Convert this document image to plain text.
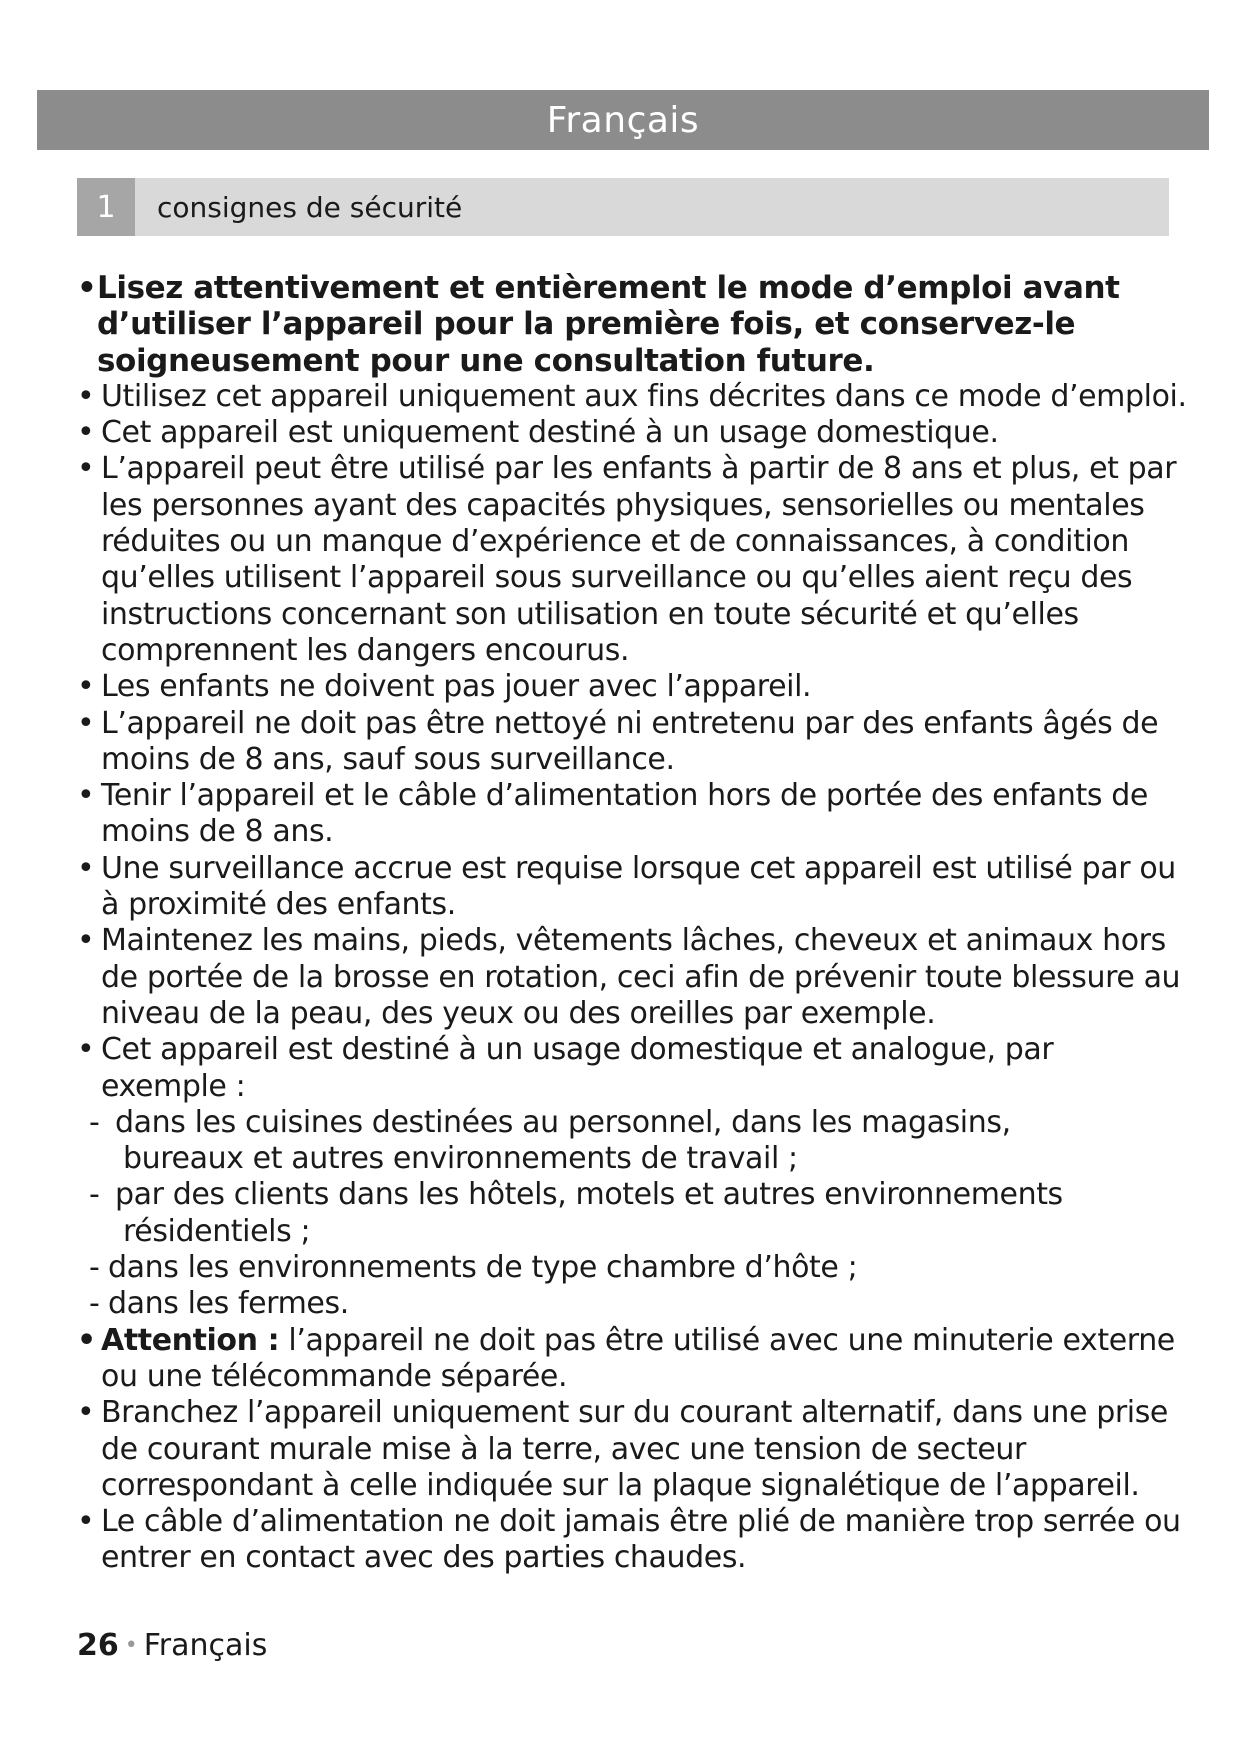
Français
1	consignes de sécurité
• Lisez attentivement et entièrement le mode d’emploi avant d’utiliser l’appareil pour la première fois, et conservez-le soigneusement pour une consultation future.
• Utilisez cet appareil uniquement aux fins décrites dans ce mode d’emploi.
• Cet appareil est uniquement destiné à un usage domestique.
• L’appareil peut être utilisé par les enfants à partir de 8 ans et plus, et par les personnes ayant des capacités physiques, sensorielles ou mentales réduites ou un manque d’expérience et de connaissances, à condition qu’elles utilisent l’appareil sous surveillance ou qu’elles aient reçu des instructions concernant son utilisation en toute sécurité et qu’elles comprennent les dangers encourus.
• Les enfants ne doivent pas jouer avec l’appareil.
• L’appareil ne doit pas être nettoyé ni entretenu par des enfants âgés de moins de 8 ans, sauf sous surveillance.
• Tenir l’appareil et le câble d’alimentation hors de portée des enfants de moins de 8 ans.
• Une surveillance accrue est requise lorsque cet appareil est utilisé par ou à proximité des enfants.
• Maintenez les mains, pieds, vêtements lâches, cheveux et animaux hors de portée de la brosse en rotation, ceci afin de prévenir toute blessure au niveau de la peau, des yeux ou des oreilles par exemple.
• Cet appareil est destiné à un usage domestique et analogue, par exemple :
- dans les cuisines destinées au personnel, dans les magasins,
bureaux et autres environnements de travail ;
- par des clients dans les hôtels, motels et autres environnements
résidentiels ;
- dans les environnements de type chambre d’hôte ;
- dans les fermes.
• Attention : l’appareil ne doit pas être utilisé avec une minuterie externe ou une télécommande séparée.
• Branchez l’appareil uniquement sur du courant alternatif, dans une prise de courant murale mise à la terre, avec une tension de secteur correspondant à celle indiquée sur la plaque signalétique de l’appareil.
• Le câble d’alimentation ne doit jamais être plié de manière trop serrée ou entrer en contact avec des parties chaudes.
26 • Français
